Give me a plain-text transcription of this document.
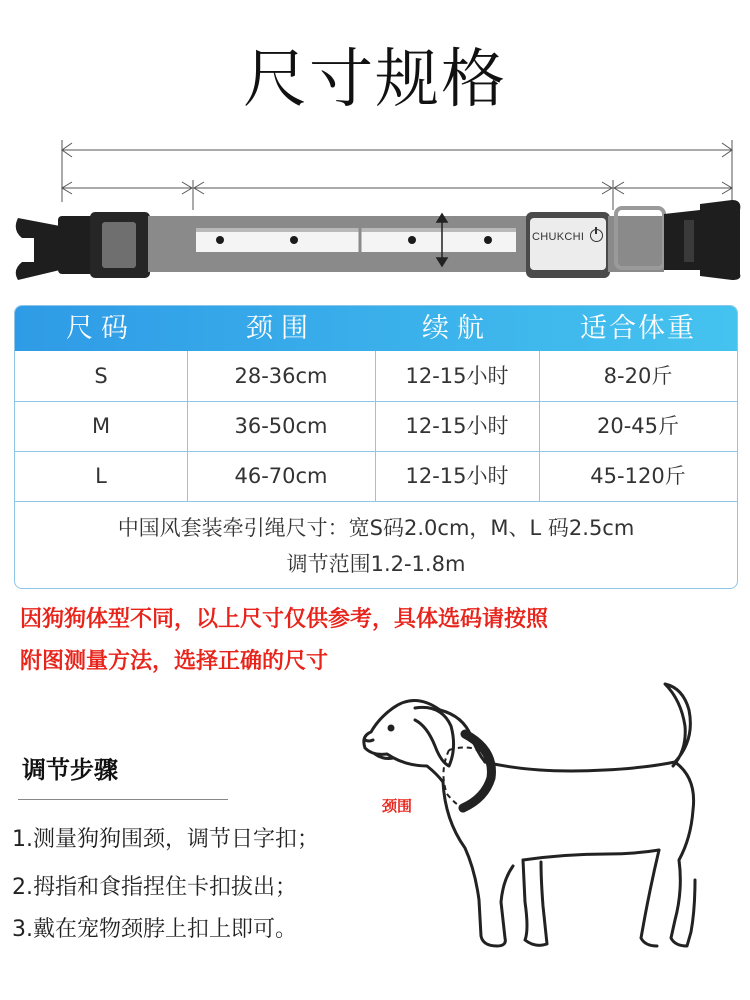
尺寸规格
CHUKCHI
尺码	颈围	续航	适合体重
S	28-36cm	12-15小时	8-20斤
M	36-50cm	12-15小时	20-45斤
L	46-70cm	12-15小时	45-120斤
中国风套装牵引绳尺寸：宽S码2.0cm，M、L 码2.5cm
调节范围1.2-1.8m
因狗狗体型不同，以上尺寸仅供参考，具体选码请按照
附图测量方法，选择正确的尺寸
调节步骤
1.测量狗狗围颈，调节日字扣；
2.拇指和食指捏住卡扣拔出；
3.戴在宠物颈脖上扣上即可。
颈围
